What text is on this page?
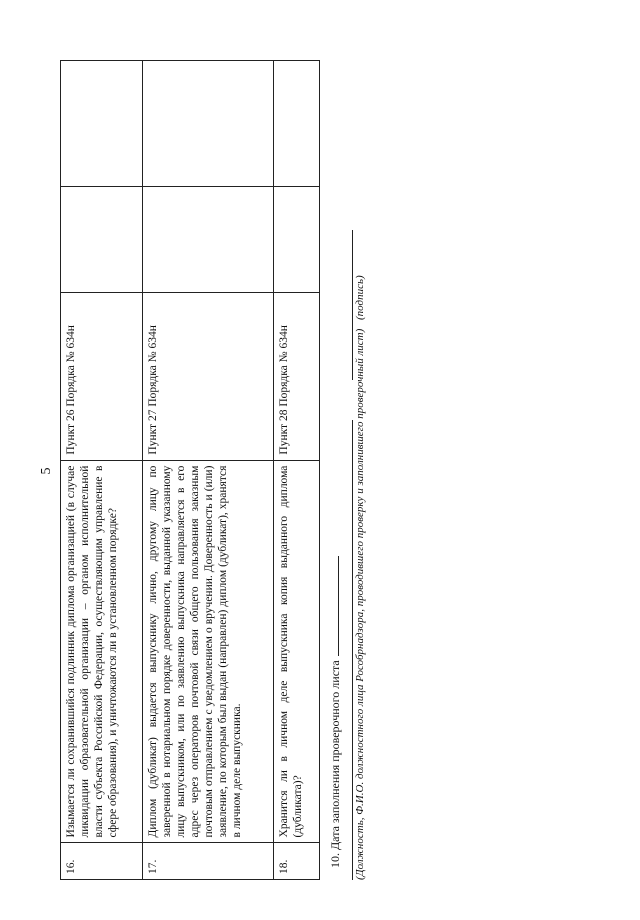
5
16.	Изымается ли сохранившийся подлинник диплома организацией (в случае ликвидации образовательной организации – органом исполнительной власти субъекта Российской Федерации, осуществляющим управление в сфере образования), и уничтожаются ли в установленном порядке?	Пункт 26 Порядка № 634н		
17.	Диплом (дубликат) выдается выпускнику лично, другому лицу по заверенной в нотариальном порядке доверенности, выданной указанному лицу выпускником, или по заявлению выпускника направляется в его адрес через операторов почтовой связи общего пользования заказным почтовым отправлением с уведомлением о вручении. Доверенность и (или) заявление, по которым был выдан (направлен) диплом (дубликат), хранятся в личном деле выпускника.	Пункт 27 Порядка № 634н		
18.	Хранится ли в личном деле выпускника копия выданного диплома (дубликата)?	Пункт 28 Порядка № 634н		
10. Дата заполнения проверочного листа (Должность, Ф.И.О. должностного лица Рособрнадзора, проводившего проверку и заполнившего проверочный лист)
(подпись)
